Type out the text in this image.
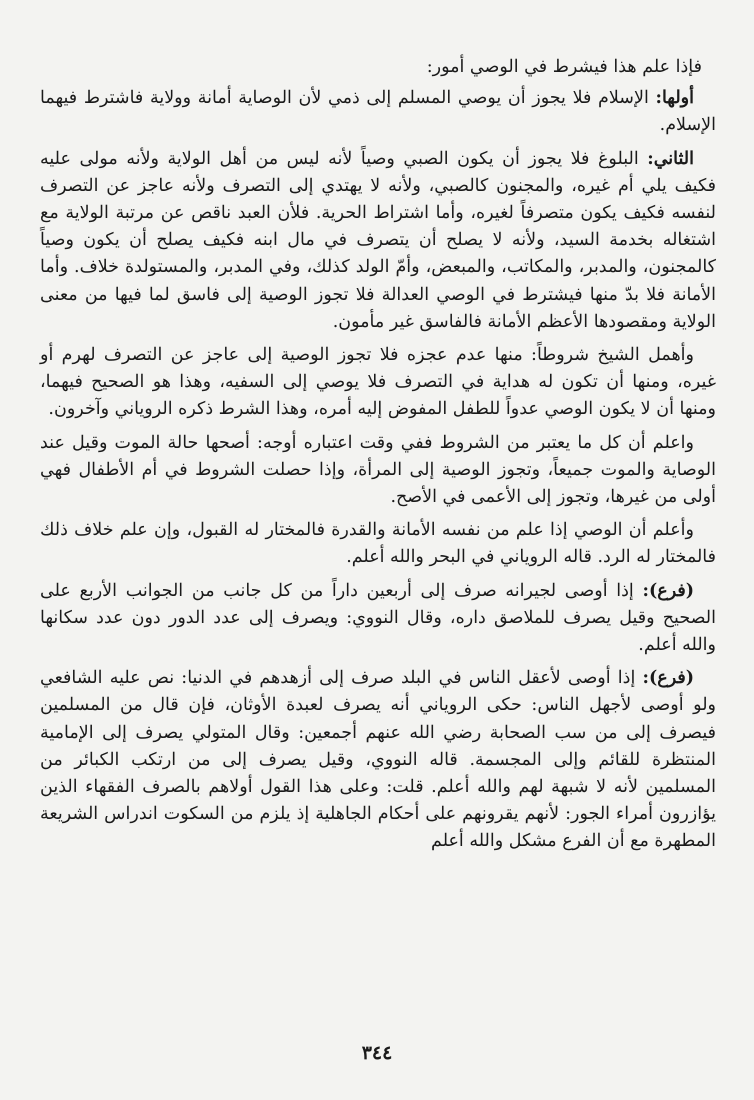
فإذا علم هذا فيشرط في الوصي أمور:

أولها: الإسلام فلا يجوز أن يوصي المسلم إلى ذمي لأن الوصاية أمانة وولاية فاشترط فيهما الإسلام.

الثاني: البلوغ فلا يجوز أن يكون الصبي وصياً لأنه ليس من أهل الولاية ولأنه مولى عليه فكيف يلي أم غيره، والمجنون كالصبي، ولأنه لا يهتدي إلى التصرف ولأنه عاجز عن التصرف لنفسه فكيف يكون متصرفاً لغيره، وأما اشتراط الحرية. فلأن العبد ناقص عن مرتبة الولاية مع اشتغاله بخدمة السيد، ولأنه لا يصلح أن يتصرف في مال ابنه فكيف يصلح أن يكون وصياً كالمجنون، والمدبر، والمكاتب، والمبعض، وأمّ الولد كذلك، وفي المدبر، والمستولدة خلاف. وأما الأمانة فلا بدّ منها فيشترط في الوصي العدالة فلا تجوز الوصية إلى فاسق لما فيها من معنى الولاية ومقصودها الأعظم الأمانة فالفاسق غير مأمون.

وأهمل الشيخ شروطاً: منها عدم عجزه فلا تجوز الوصية إلى عاجز عن التصرف لهرم أو غيره، ومنها أن تكون له هداية في التصرف فلا يوصي إلى السفيه، وهذا هو الصحيح فيهما، ومنها أن لا يكون الوصي عدواً للطفل المفوض إليه أمره، وهذا الشرط ذكره الروياني وآخرون.

واعلم أن كل ما يعتبر من الشروط ففي وقت اعتباره أوجه: أصحها حالة الموت وقيل عند الوصاية والموت جميعاً، وتجوز الوصية إلى المرأة، وإذا حصلت الشروط في أم الأطفال فهي أولى من غيرها، وتجوز إلى الأعمى في الأصح.

وأعلم أن الوصي إذا علم من نفسه الأمانة والقدرة فالمختار له القبول، وإن علم خلاف ذلك فالمختار له الرد. قاله الروياني في البحر والله أعلم.

(فرع): إذا أوصى لجيرانه صرف إلى أربعين داراً من كل جانب من الجوانب الأربع على الصحيح وقيل يصرف للملاصق داره، وقال النووي: ويصرف إلى عدد الدور دون عدد سكانها والله أعلم.

(فرع): إذا أوصى لأعقل الناس في البلد صرف إلى أزهدهم في الدنيا: نص عليه الشافعي ولو أوصى لأجهل الناس: حكى الروياني أنه يصرف لعبدة الأوثان، فإن قال من المسلمين فيصرف إلى من سب الصحابة رضي الله عنهم أجمعين: وقال المتولي يصرف إلى الإمامية المنتظرة للقائم وإلى المجسمة. قاله النووي، وقيل يصرف إلى من ارتكب الكبائر من المسلمين لأنه لا شبهة لهم والله أعلم. قلت: وعلى هذا القول أولاهم بالصرف الفقهاء الذين يؤازرون أمراء الجور: لأنهم يقرونهم على أحكام الجاهلية إذ يلزم من السكوت اندراس الشريعة المطهرة مع أن الفرع مشكل والله أعلم

٣٤٤
